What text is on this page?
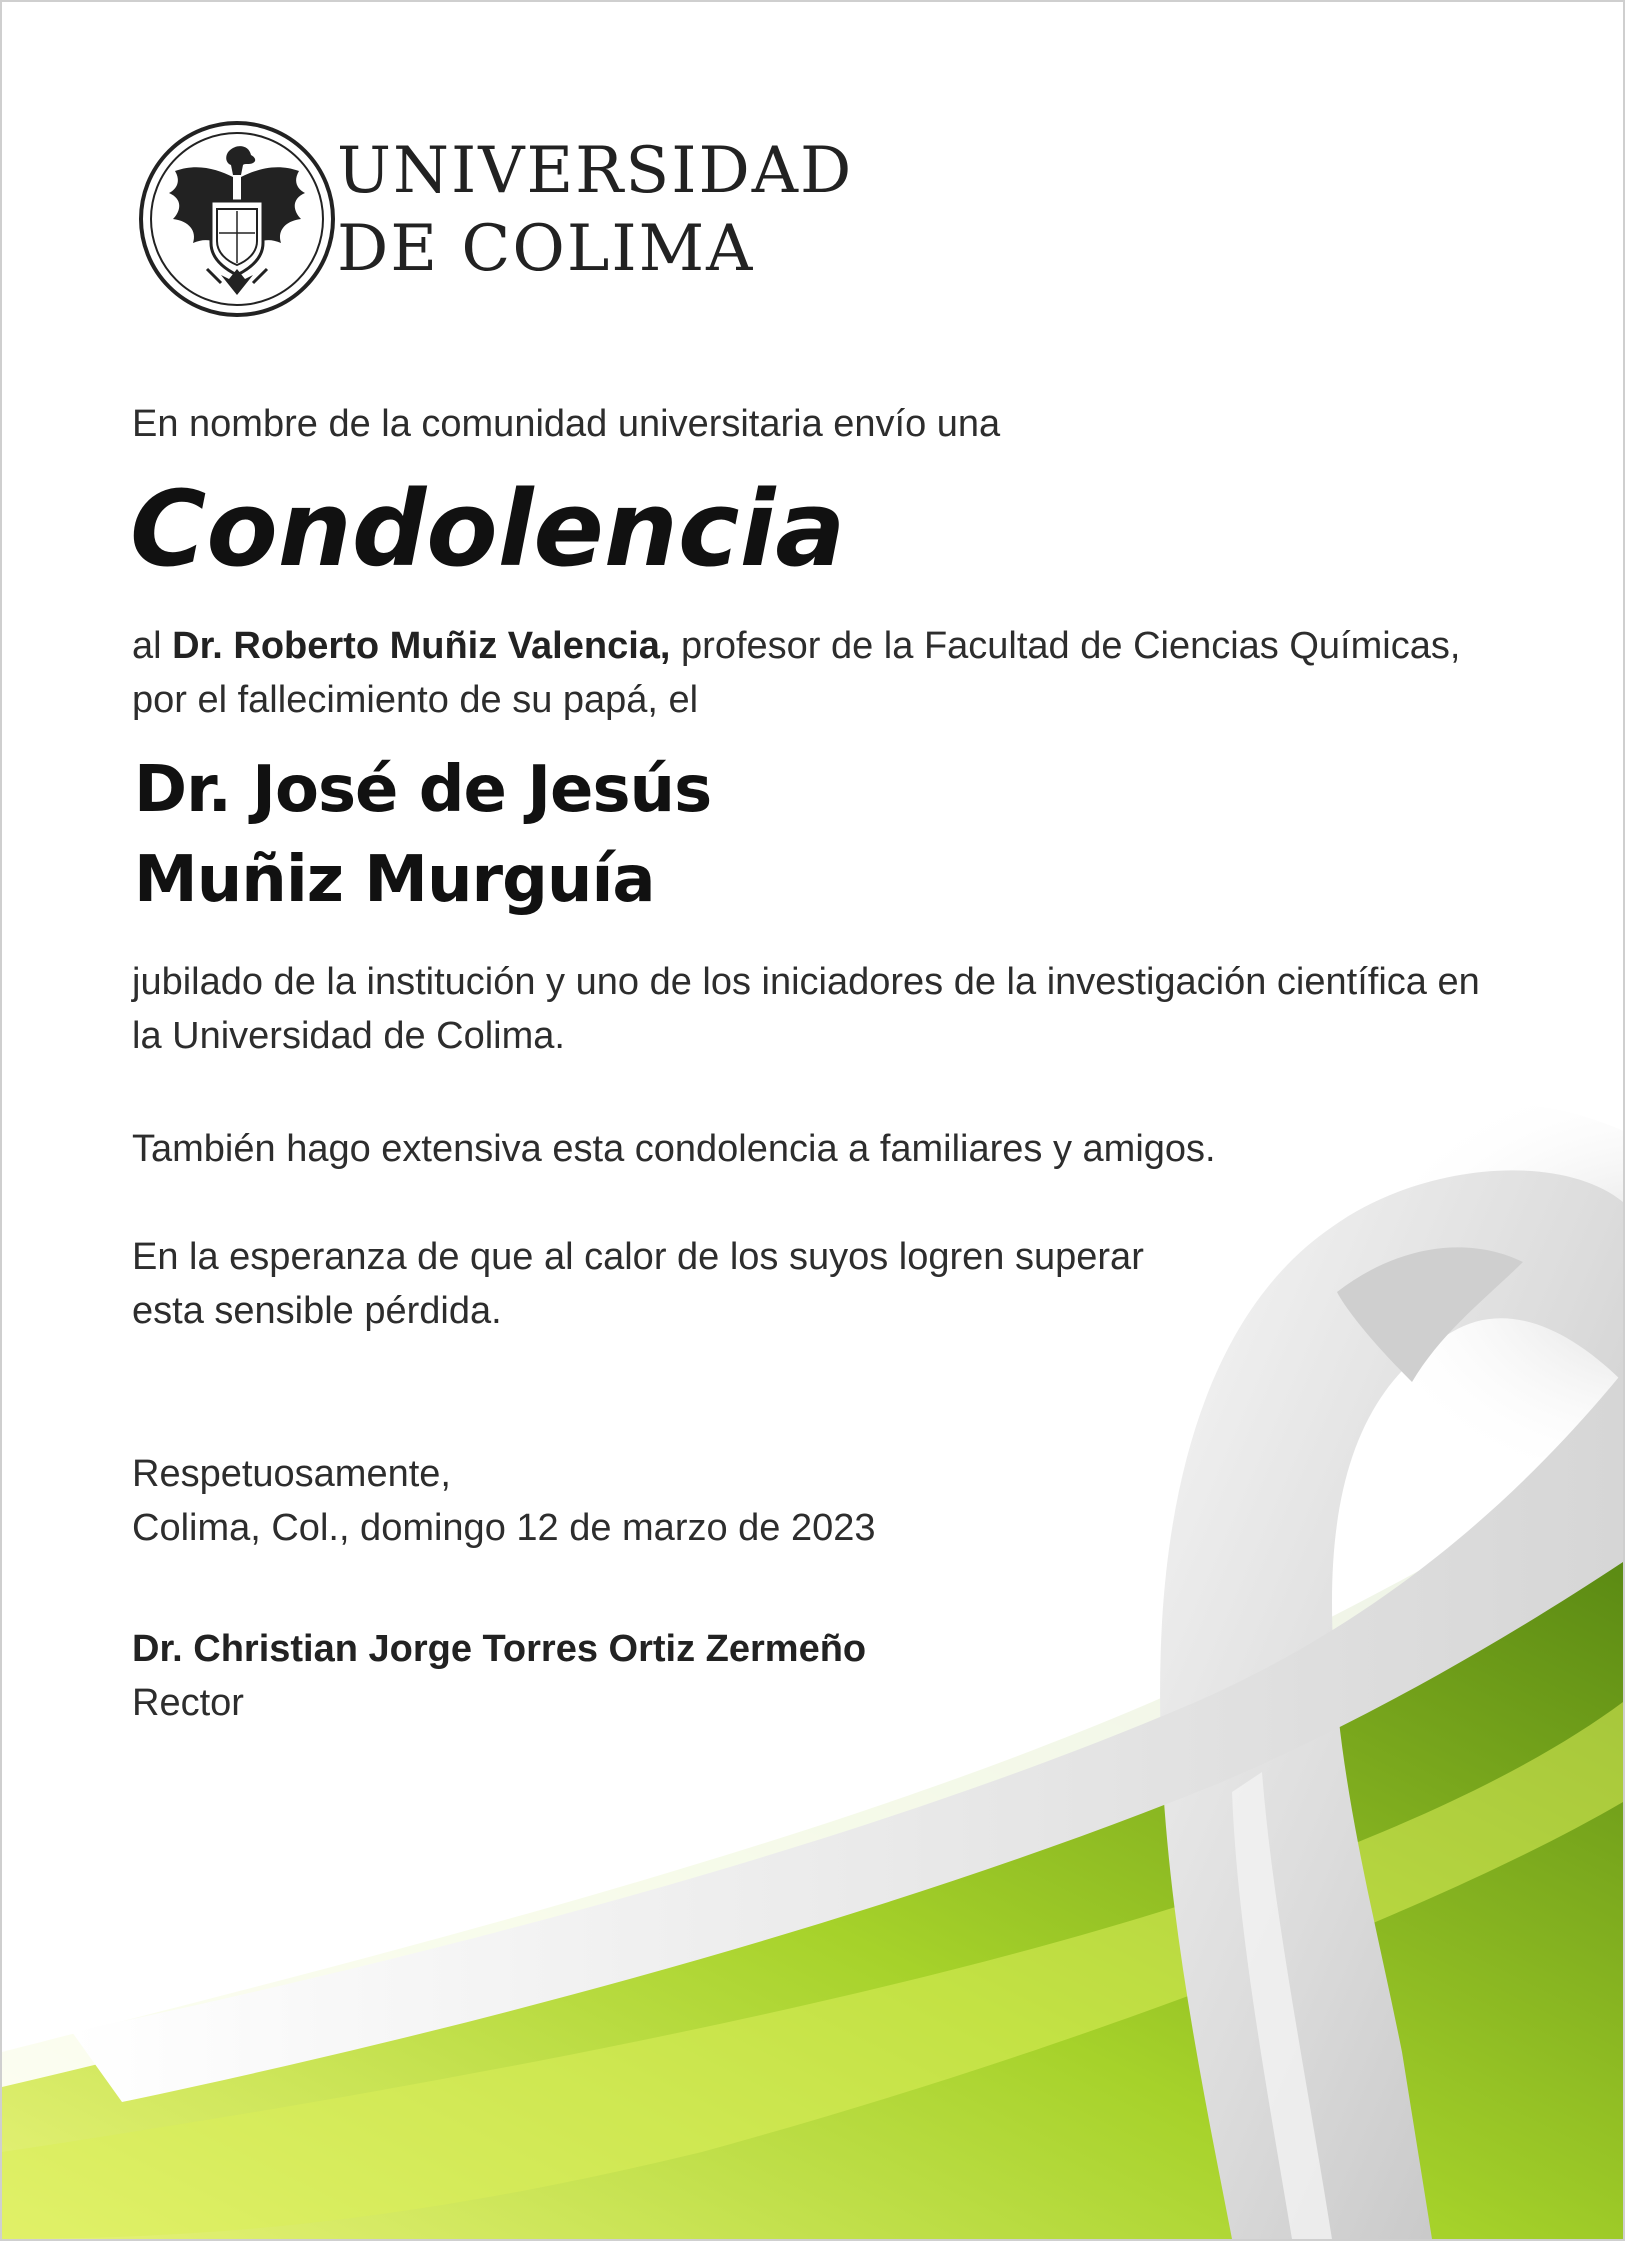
UNIVERSIDAD
DE COLIMA
En nombre de la comunidad universitaria envío una
Condolencia
al Dr. Roberto Muñiz Valencia, profesor de la Facultad de Ciencias Químicas,
por el fallecimiento de su papá, el
Dr. José de Jesús
Muñiz Murguía
jubilado de la institución y uno de los iniciadores de la investigación científica en
la Universidad de Colima.
También hago extensiva esta condolencia a familiares y amigos.
En la esperanza de que al calor de los suyos logren superar
esta sensible pérdida.
Respetuosamente,
Colima, Col., domingo 12 de marzo de 2023
Dr. Christian Jorge Torres Ortiz Zermeño
Rector
